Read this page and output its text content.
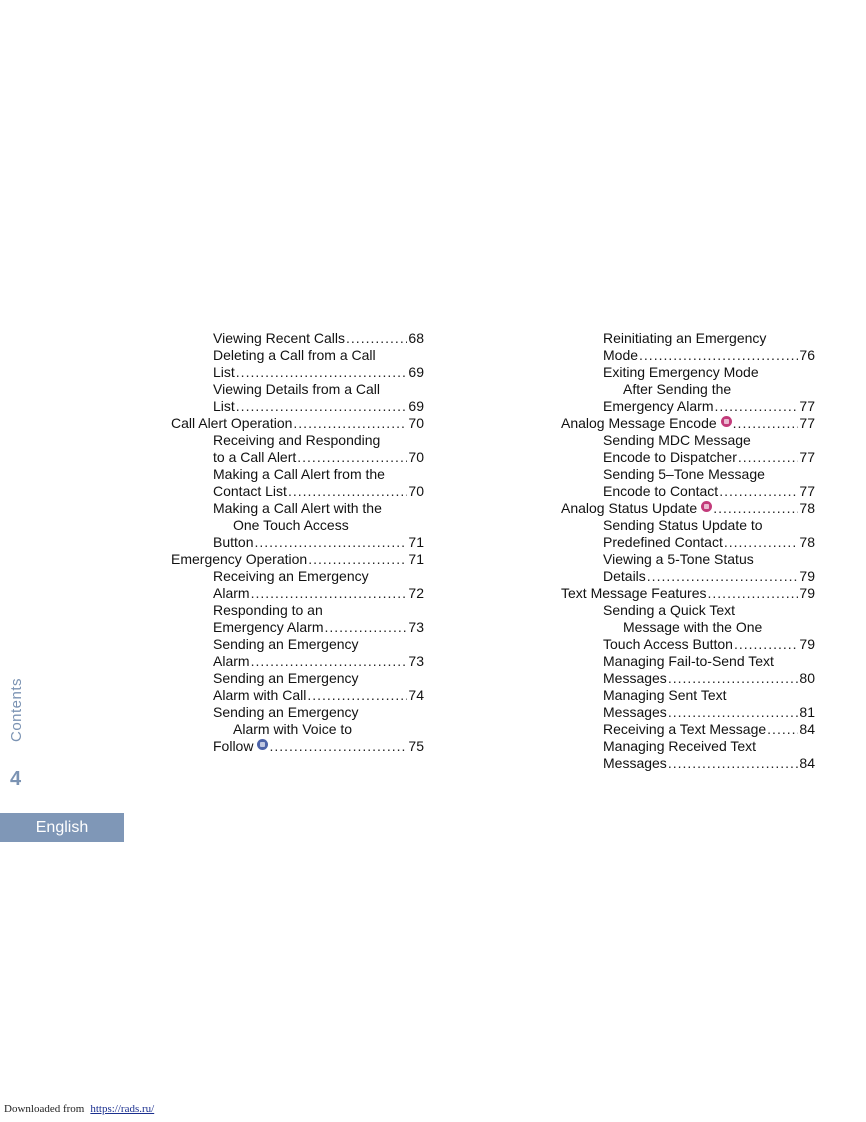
Viewing Recent Calls .....	68
Deleting a Call from a Call
List .....	69
Viewing Details from a Call
List .....	69
Call Alert Operation .....	70
Receiving and Responding
to a Call Alert .....	70
Making a Call Alert from the
Contact List .....	70
Making a Call Alert with the
One Touch Access
Button .....	71
Emergency Operation .....	71
Receiving an Emergency
Alarm .....	72
Responding to an
Emergency Alarm .....	73
Sending an Emergency
Alarm .....	73
Sending an Emergency
Alarm with Call .....	74
Sending an Emergency
Alarm with Voice to
Follow .....	75
Reinitiating an Emergency
Mode .....	76
Exiting Emergency Mode
After Sending the
Emergency Alarm .....	77
Analog Message Encode .....	77
Sending MDC Message
Encode to Dispatcher .....	77
Sending 5–Tone Message
Encode to Contact .....	77
Analog Status Update .....	78
Sending Status Update to
Predefined Contact .....	78
Viewing a 5-Tone Status
Details .....	79
Text Message Features .....	79
Sending a Quick Text
Message with the One
Touch Access Button .....	79
Managing Fail-to-Send Text
Messages .....	80
Managing Sent Text
Messages .....	81
Receiving a Text Message ..... 84
Managing Received Text
Messages .....	84
Contents
4
English
Downloaded from https://rads.ru/
